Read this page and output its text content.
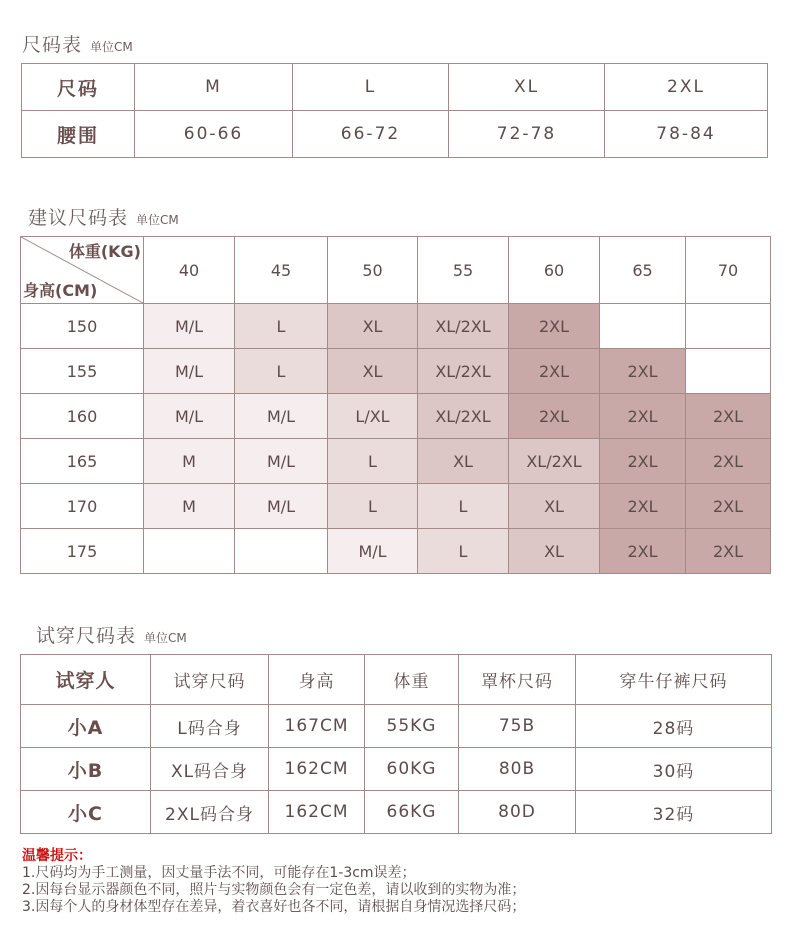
尺码表 单位CM
尺码	M	L	XL	2XL
腰围	60-66	66-72	72-78	78-84
建议尺码表 单位CM
体重(KG)
身高(CM)	40	45	50	55	60	65	70
150	M/L	L	XL	XL/2XL	2XL		
155	M/L	L	XL	XL/2XL	2XL	2XL	
160	M/L	M/L	L/XL	XL/2XL	2XL	2XL	2XL
165	M	M/L	L	XL	XL/2XL	2XL	2XL
170	M	M/L	L	L	XL	2XL	2XL
175			M/L	L	XL	2XL	2XL
试穿尺码表 单位CM
试穿人	试穿尺码	身高	体重	罩杯尺码	穿牛仔裤尺码
小A	L码合身	167CM	55KG	75B	28码
小B	XL码合身	162CM	60KG	80B	30码
小C	2XL码合身	162CM	66KG	80D	32码
温馨提示：
1.尺码均为手工测量，因丈量手法不同，可能存在1-3cm误差；
2.因每台显示器颜色不同，照片与实物颜色会有一定色差，请以收到的实物为准；
3.因每个人的身材体型存在差异，着衣喜好也各不同，请根据自身情况选择尺码；
